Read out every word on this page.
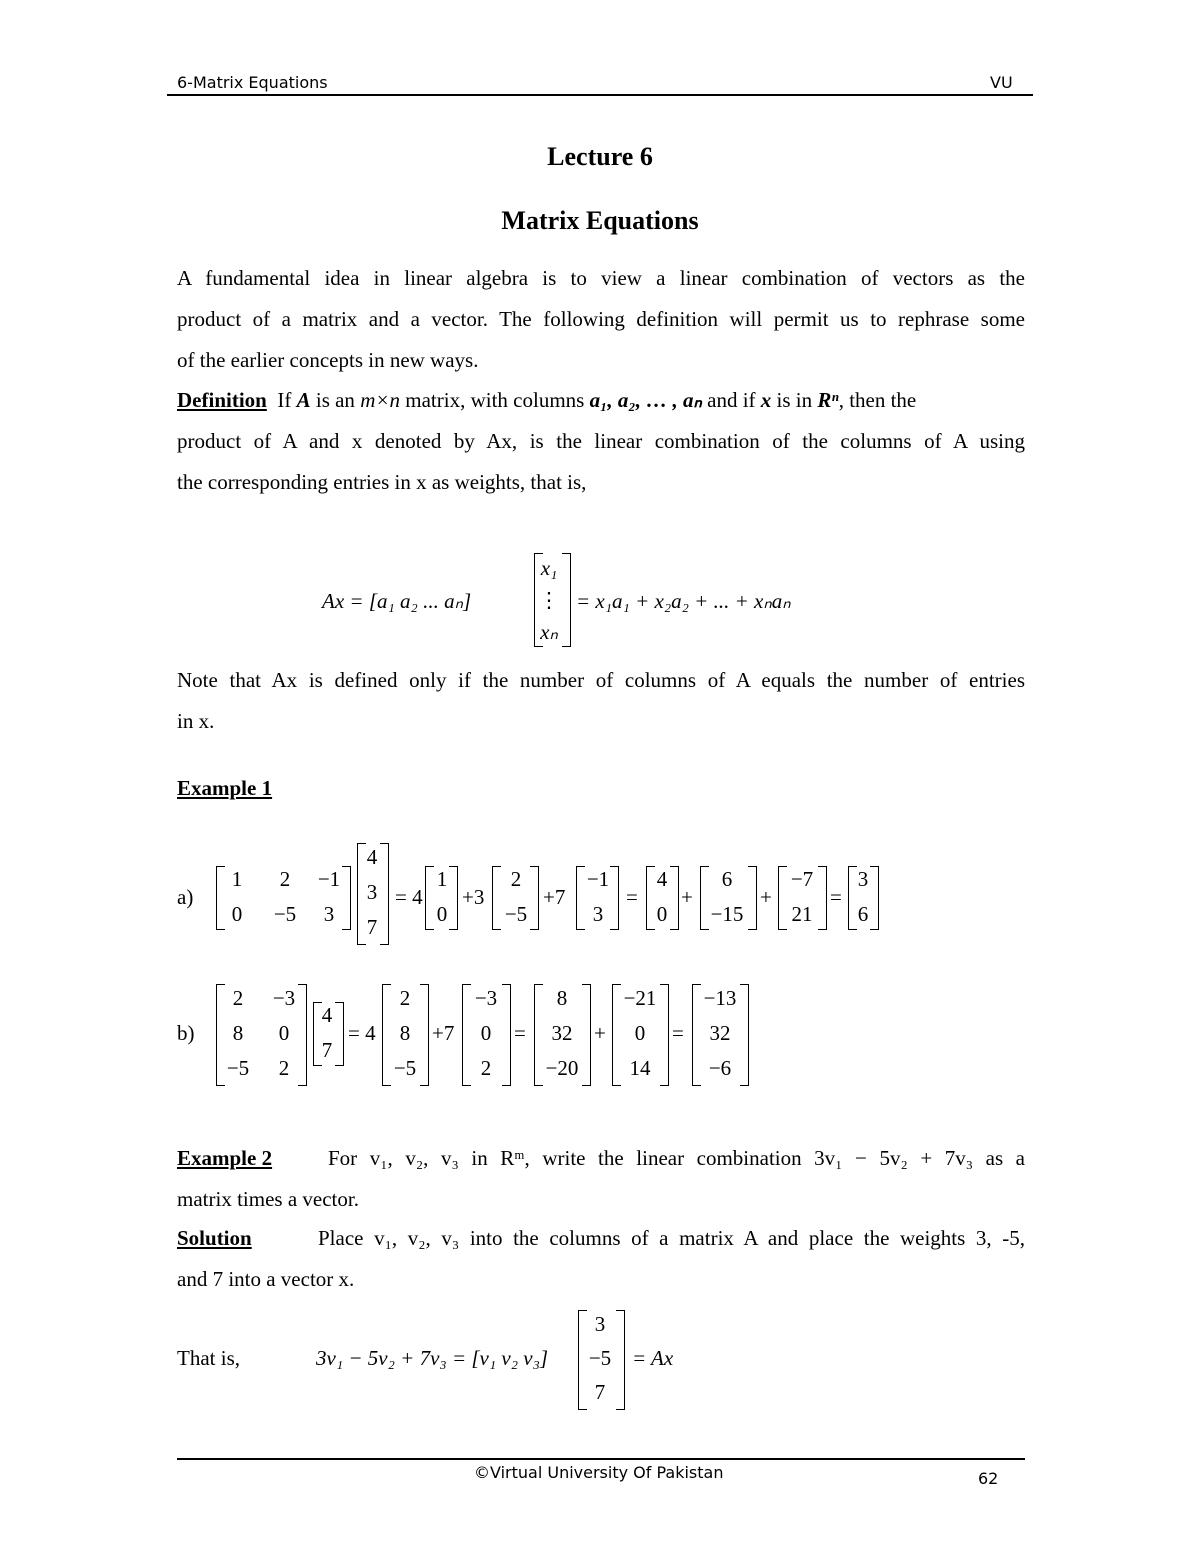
6-Matrix Equations	VU
Lecture 6
Matrix Equations
A fundamental idea in linear algebra is to view a linear combination of vectors as the
product of a matrix and a vector. The following definition will permit us to rephrase some
of the earlier concepts in new ways.
Definition If A is an m×n matrix, with columns a₁, a₂, … , aₙ and if x is in Rⁿ, then the
product of A and x denoted by Ax, is the linear combination of the columns of A using
the corresponding entries in x as weights, that is,
Ax = [a₁ a₂ ... aₙ]
x₁
⋮
xₙ
= x₁a₁ + x₂a₂ + ... + xₙaₙ
Note that Ax is defined only if the number of columns of A equals the number of entries
in x.
Example 1
a)
1	2	−1
0	−5	3
4
3
7
= 4
1
0
+3
2
−5
+7
−1
3
=
4
0
+
6
−15
+
−7
21
=
3
6
b)
2	−3
8	0
−5	2
4
7
= 4
2
8
−5
+7
−3
0
2
=
8
32
−20
+
−21
0
14
=
−13
32
−6
Example 2	For v₁, v₂, v₃ in Rᵐ, write the linear combination 3v₁ − 5v₂ + 7v₃ as a
matrix times a vector.
Solution	Place v₁, v₂, v₃ into the columns of a matrix A and place the weights 3, -5,
and 7 into a vector x.
That is,	3v₁ − 5v₂ + 7v₃ = [v₁ v₂ v₃]
3
−5
7
= Ax
©Virtual University Of Pakistan	62
